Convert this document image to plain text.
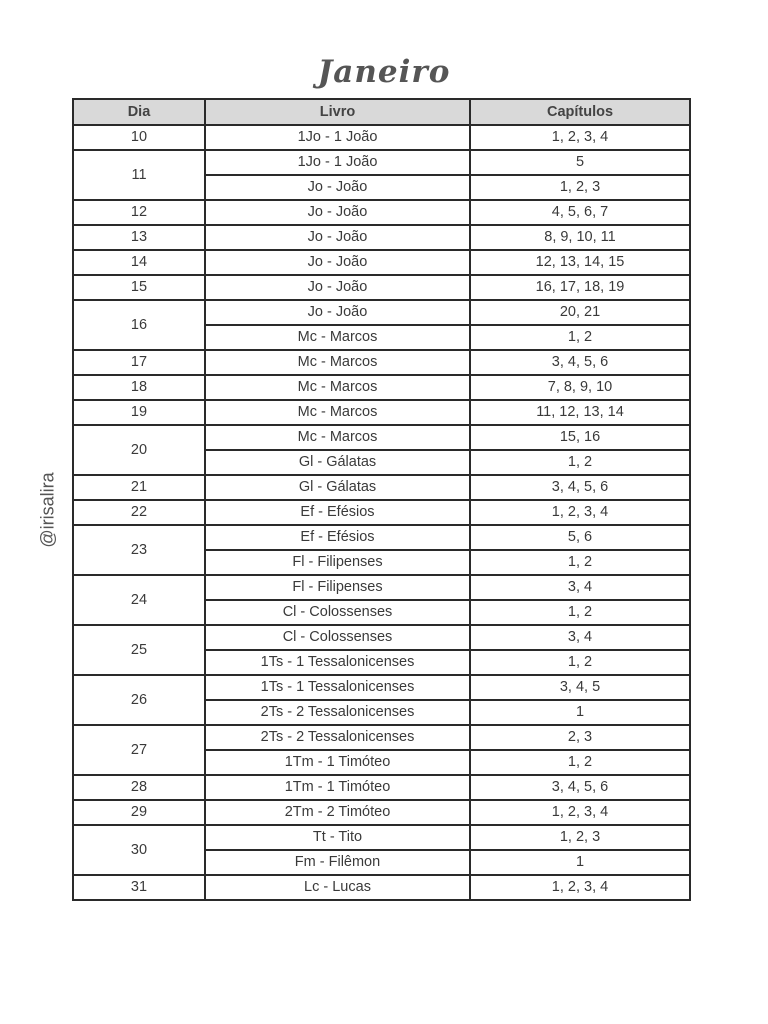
Janeiro
@irisalira
Dia	Livro	Capítulos
10	1Jo - 1 João	1, 2, 3, 4
11	1Jo - 1 João	5
	Jo - João	1, 2, 3
12	Jo - João	4, 5, 6, 7
13	Jo - João	8, 9, 10, 11
14	Jo - João	12, 13, 14, 15
15	Jo - João	16, 17, 18, 19
16	Jo - João	20, 21
	Mc - Marcos	1, 2
17	Mc - Marcos	3, 4, 5, 6
18	Mc - Marcos	7, 8, 9, 10
19	Mc - Marcos	11, 12, 13, 14
20	Mc - Marcos	15, 16
	Gl - Gálatas	1, 2
21	Gl - Gálatas	3, 4, 5, 6
22	Ef - Efésios	1, 2, 3, 4
23	Ef - Efésios	5, 6
	Fl - Filipenses	1, 2
24	Fl - Filipenses	3, 4
	Cl - Colossenses	1, 2
25	Cl - Colossenses	3, 4
	1Ts - 1 Tessalonicenses	1, 2
26	1Ts - 1 Tessalonicenses	3, 4, 5
	2Ts - 2 Tessalonicenses	1
27	2Ts - 2 Tessalonicenses	2, 3
	1Tm - 1 Timóteo	1, 2
28	1Tm - 1 Timóteo	3, 4, 5, 6
29	2Tm - 2 Timóteo	1, 2, 3, 4
30	Tt - Tito	1, 2, 3
	Fm - Filêmon	1
31	Lc - Lucas	1, 2, 3, 4
